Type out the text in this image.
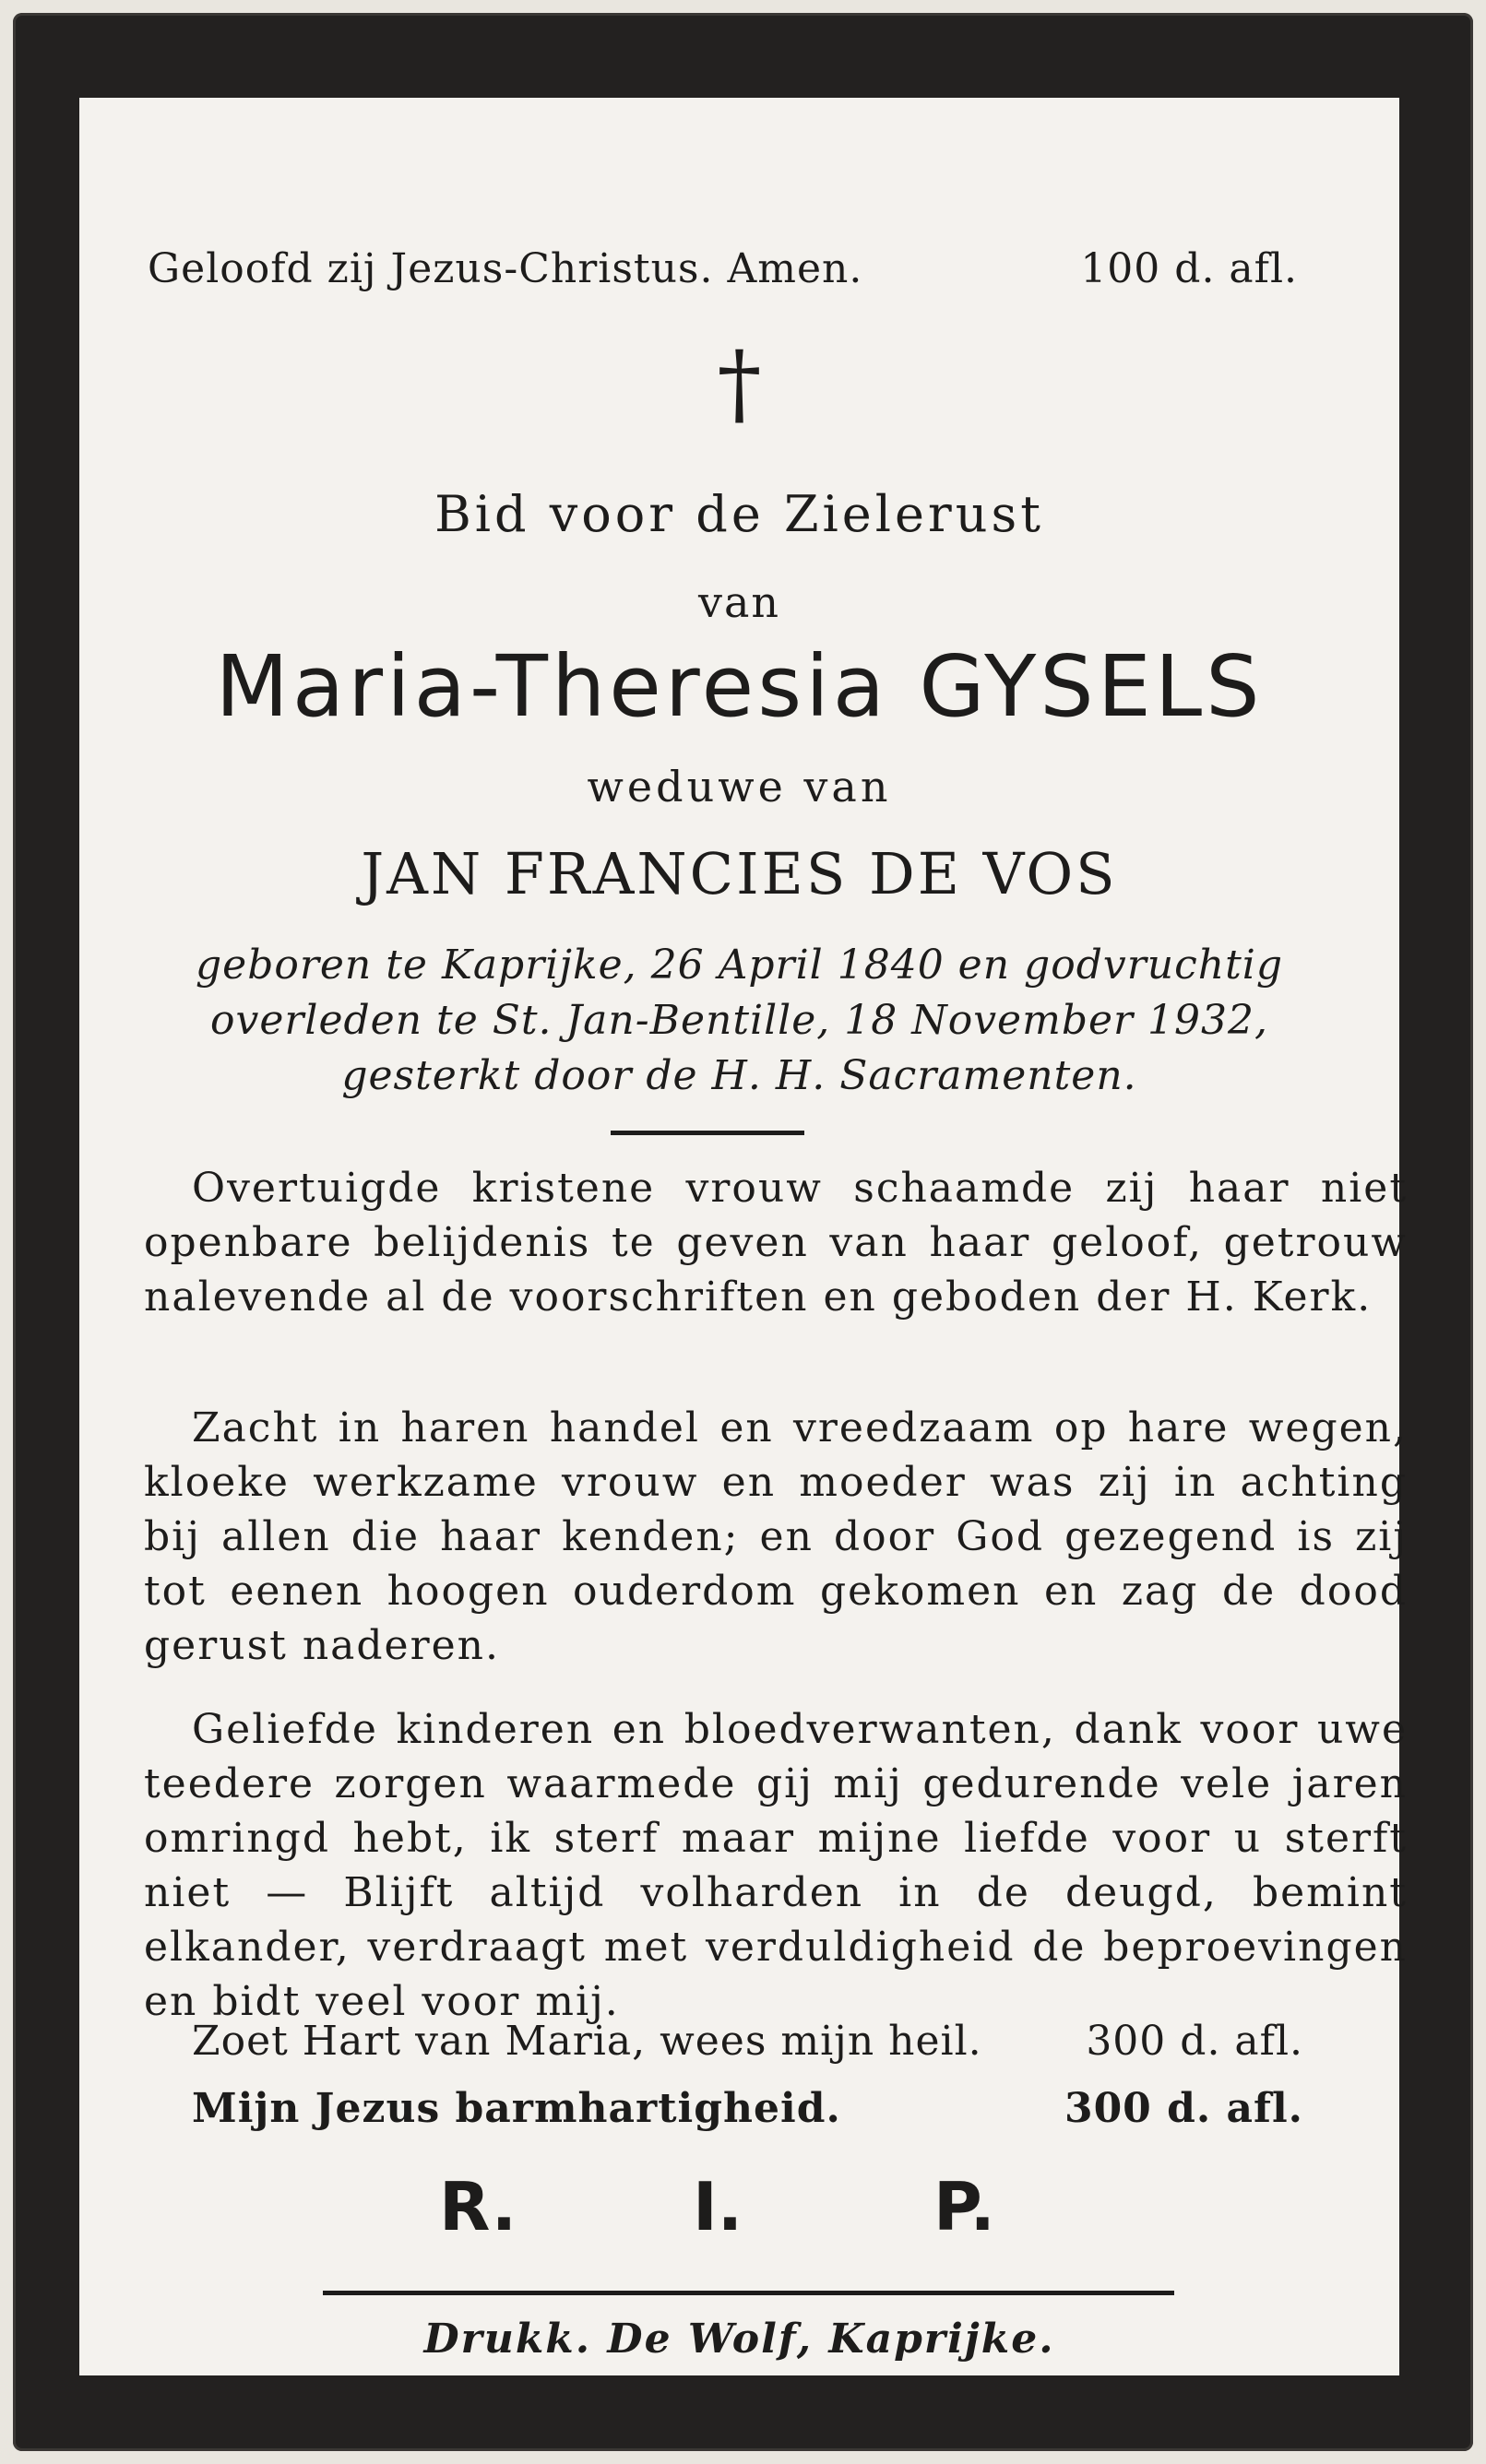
Geloofd zij Jezus-Christus. Amen.	100 d. afl.
†
Bid voor de Zielerust
van
Maria-Theresia GYSELS
weduwe van
JAN FRANCIES DE VOS
geboren te Kaprijke, 26 April 1840 en godvruchtig
overleden te St. Jan-Bentille, 18 November 1932,
gesterkt door de H. H. Sacramenten.

Overtuigde kristene vrouw schaamde zij haar niet openbare belijdenis te geven van haar geloof, getrouw nalevende al de voorschriften en geboden der H. Kerk.

Zacht in haren handel en vreedzaam op hare wegen, kloeke werkzame vrouw en moeder was zij in achting bij allen die haar kenden; en door God gezegend is zij tot eenen hoogen ouderdom gekomen en zag de dood gerust naderen.

Geliefde kinderen en bloedverwanten, dank voor uwe teedere zorgen waarmede gij mij gedurende vele jaren omringd hebt, ik sterf maar mijne liefde voor u sterft niet — Blijft altijd volharden in de deugd, bemint elkander, verdraagt met verduldigheid de beproevingen en bidt veel voor mij.

Zoet Hart van Maria, wees mijn heil.	300 d. afl.
Mijn Jezus barmhartigheid.	300 d. afl.
R.	I.	P.
Drukk. De Wolf, Kaprijke.
